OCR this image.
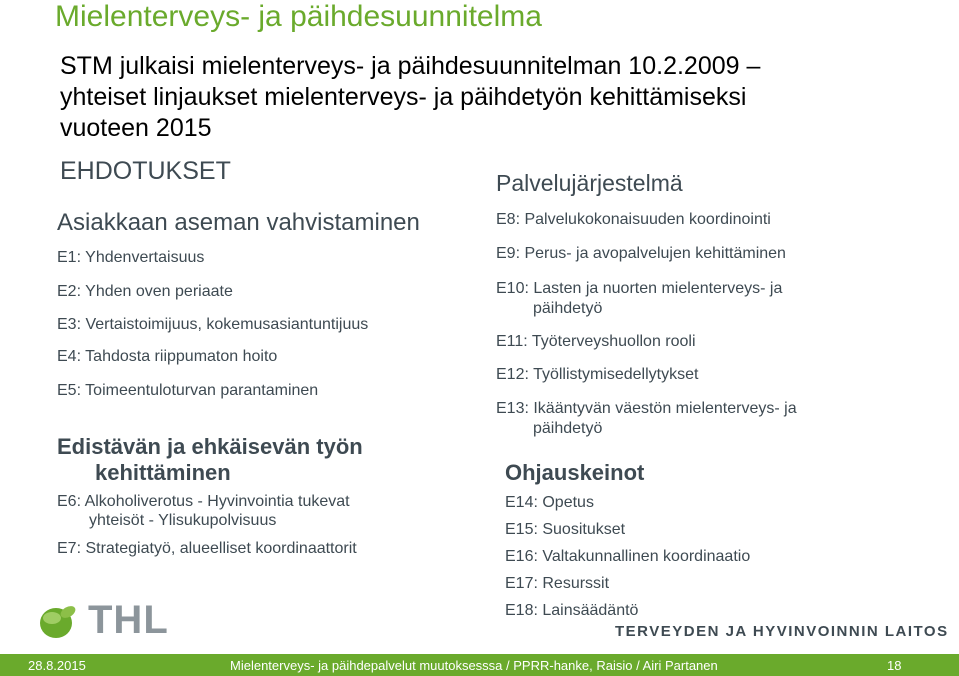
Mielenterveys- ja päihdesuunnitelma
STM julkaisi mielenterveys- ja päihdesuunnitelman 10.2.2009 –
yhteiset linjaukset mielenterveys- ja päihdetyön kehittämiseksi
vuoteen 2015
EHDOTUKSET
Asiakkaan aseman vahvistaminen
E1: Yhdenvertaisuus
E2: Yhden oven periaate
E3: Vertaistoimijuus, kokemusasiantuntijuus
E4: Tahdosta riippumaton hoito
E5: Toimeentuloturvan parantaminen
Edistävän ja ehkäisevän työn
kehittäminen
E6: Alkoholiverotus - Hyvinvointia tukevat
yhteisöt - Ylisukupolvisuus
E7: Strategiatyö, alueelliset koordinaattorit
Palvelujärjestelmä
E8: Palvelukokonaisuuden koordinointi
E9: Perus- ja avopalvelujen kehittäminen
E10: Lasten ja nuorten mielenterveys- ja
päihdetyö
E11: Työterveyshuollon rooli
E12: Työllistymisedellytykset
E13: Ikääntyvän väestön mielenterveys- ja
päihdetyö
Ohjauskeinot
E14: Opetus
E15: Suositukset
E16: Valtakunnallinen koordinaatio
E17: Resurssit
E18: Lainsäädäntö
THL	TERVEYDEN JA HYVINVOINNIN LAITOS
28.8.2015	Mielenterveys- ja päihdepalvelut muutoksesssa / PPRR-hanke, Raisio / Airi Partanen	18
